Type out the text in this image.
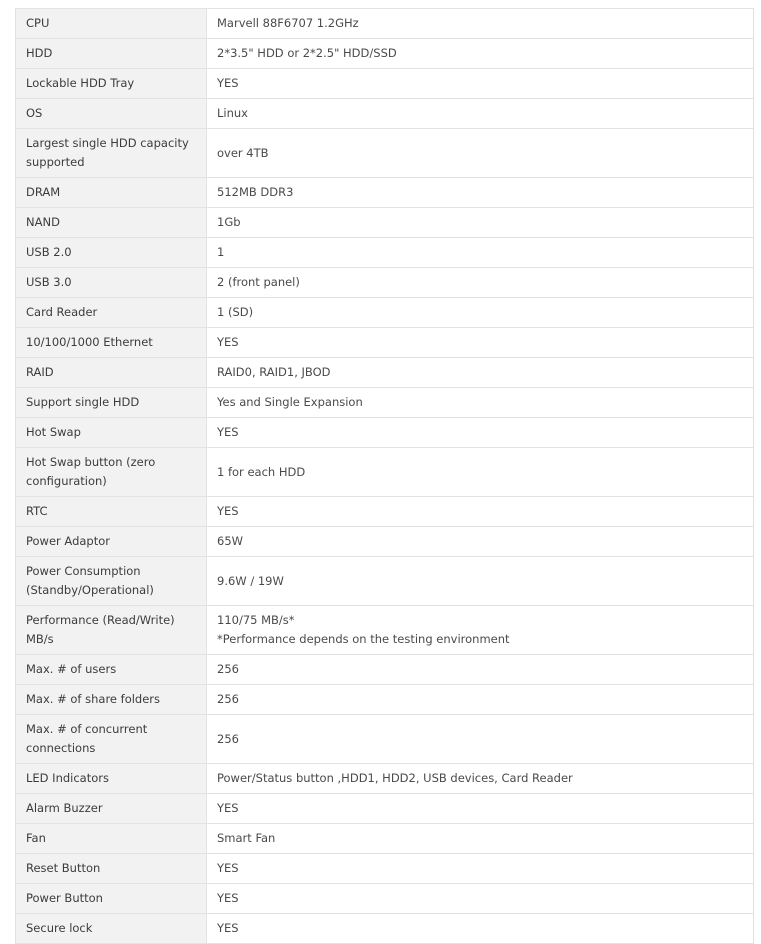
CPU	Marvell 88F6707 1.2GHz
HDD	2*3.5" HDD or 2*2.5" HDD/SSD
Lockable HDD Tray	YES
OS	Linux
Largest single HDD capacity
supported	over 4TB
DRAM	512MB DDR3
NAND	1Gb
USB 2.0	1
USB 3.0	2 (front panel)
Card Reader	1 (SD)
10/100/1000 Ethernet	YES
RAID	RAID0, RAID1, JBOD
Support single HDD	Yes and Single Expansion
Hot Swap	YES
Hot Swap button (zero
configuration)	1 for each HDD
RTC	YES
Power Adaptor	65W
Power Consumption
(Standby/Operational)	9.6W / 19W
Performance (Read/Write)
MB/s	110/75 MB/s*
*Performance depends on the testing environment
Max. # of users	256
Max. # of share folders	256
Max. # of concurrent
connections	256
LED Indicators	Power/Status button ,HDD1, HDD2, USB devices, Card Reader
Alarm Buzzer	YES
Fan	Smart Fan
Reset Button	YES
Power Button	YES
Secure lock	YES
